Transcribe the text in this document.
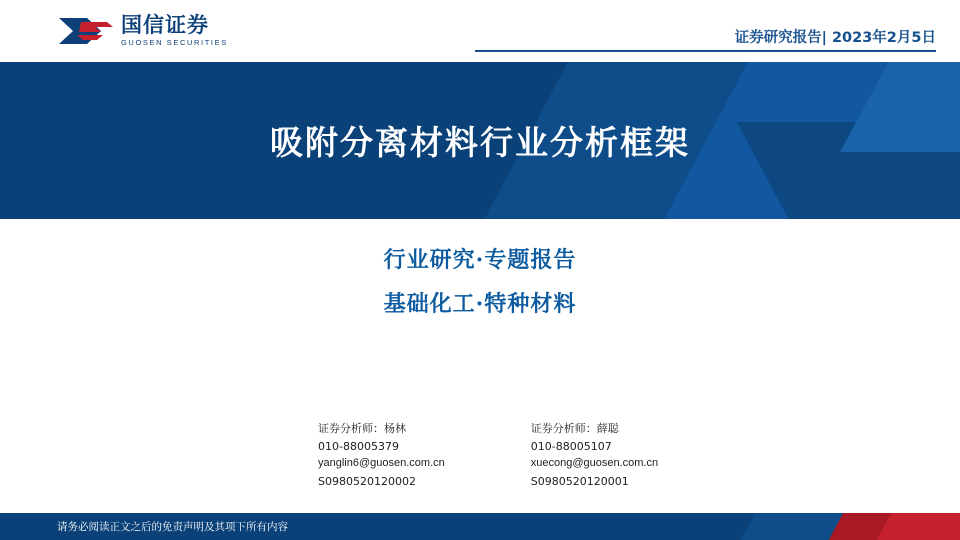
国信证券
GUOSEN SECURITIES	证券研究报告| 2023年2月5日
吸附分离材料行业分析框架
行业研究·专题报告
基础化工·特种材料
证券分析师：杨林
010-88005379
yanglin6@guosen.com.cn
S0980520120002
证券分析师：薛聪
010-88005107
xuecong@guosen.com.cn
S0980520120001
请务必阅读正文之后的免责声明及其项下所有内容
